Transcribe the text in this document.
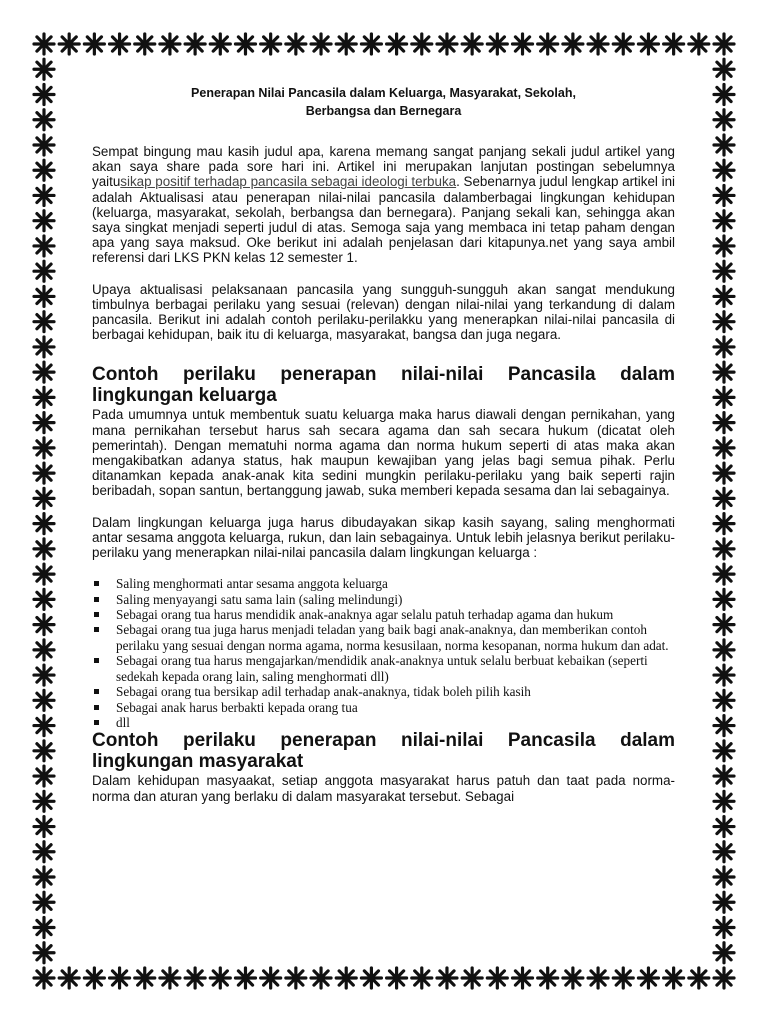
Penerapan Nilai Pancasila dalam Keluarga, Masyarakat, Sekolah,
Berbangsa dan Bernegara

Sempat bingung mau kasih judul apa, karena memang sangat panjang sekali judul artikel yang akan saya share pada sore hari ini. Artikel ini merupakan lanjutan postingan sebelumnya yaitusikap positif terhadap pancasila sebagai ideologi terbuka. Sebenarnya judul lengkap artikel ini adalah Aktualisasi atau penerapan nilai-nilai pancasila dalamberbagai lingkungan kehidupan (keluarga, masyarakat, sekolah, berbangsa dan bernegara). Panjang sekali kan, sehingga akan saya singkat menjadi seperti judul di atas. Semoga saja yang membaca ini tetap paham dengan apa yang saya maksud. Oke berikut ini adalah penjelasan dari kitapunya.net yang saya ambil referensi dari LKS PKN kelas 12 semester 1.

Upaya aktualisasi pelaksanaan pancasila yang sungguh-sungguh akan sangat mendukung timbulnya berbagai perilaku yang sesuai (relevan) dengan nilai-nilai yang terkandung di dalam pancasila. Berikut ini adalah contoh perilaku-perilakku yang menerapkan nilai-nilai pancasila di berbagai kehidupan, baik itu di keluarga, masyarakat, bangsa dan juga negara.

Contoh perilaku penerapan nilai-nilai Pancasila dalam lingkungan keluarga

Pada umumnya untuk membentuk suatu keluarga maka harus diawali dengan pernikahan, yang mana pernikahan tersebut harus sah secara agama dan sah secara hukum (dicatat oleh pemerintah). Dengan mematuhi norma agama dan norma hukum seperti di atas maka akan mengakibatkan adanya status, hak maupun kewajiban yang jelas bagi semua pihak. Perlu ditanamkan kepada anak-anak kita sedini mungkin perilaku-perilaku yang baik seperti rajin beribadah, sopan santun, bertanggung jawab, suka memberi kepada sesama dan lai sebagainya.

Dalam lingkungan keluarga juga harus dibudayakan sikap kasih sayang, saling menghormati antar sesama anggota keluarga, rukun, dan lain sebagainya. Untuk lebih jelasnya berikut perilaku-perilaku yang menerapkan nilai-nilai pancasila dalam lingkungan keluarga :

Saling menghormati antar sesama anggota keluarga
Saling menyayangi satu sama lain (saling melindungi)
Sebagai orang tua harus mendidik anak-anaknya agar selalu patuh terhadap agama dan hukum
Sebagai orang tua juga harus menjadi teladan yang baik bagi anak-anaknya, dan memberikan contoh perilaku yang sesuai dengan norma agama, norma kesusilaan, norma kesopanan, norma hukum dan adat.
Sebagai orang tua harus mengajarkan/mendidik anak-anaknya untuk selalu berbuat kebaikan (seperti sedekah kepada orang lain, saling menghormati dll)
Sebagai orang tua bersikap adil terhadap anak-anaknya, tidak boleh pilih kasih
Sebagai anak harus berbakti kepada orang tua
dll
Contoh perilaku penerapan nilai-nilai Pancasila dalam lingkungan masyarakat

Dalam kehidupan masyaakat, setiap anggota masyarakat harus patuh dan taat pada norma-norma dan aturan yang berlaku di dalam masyarakat tersebut. Sebagai
